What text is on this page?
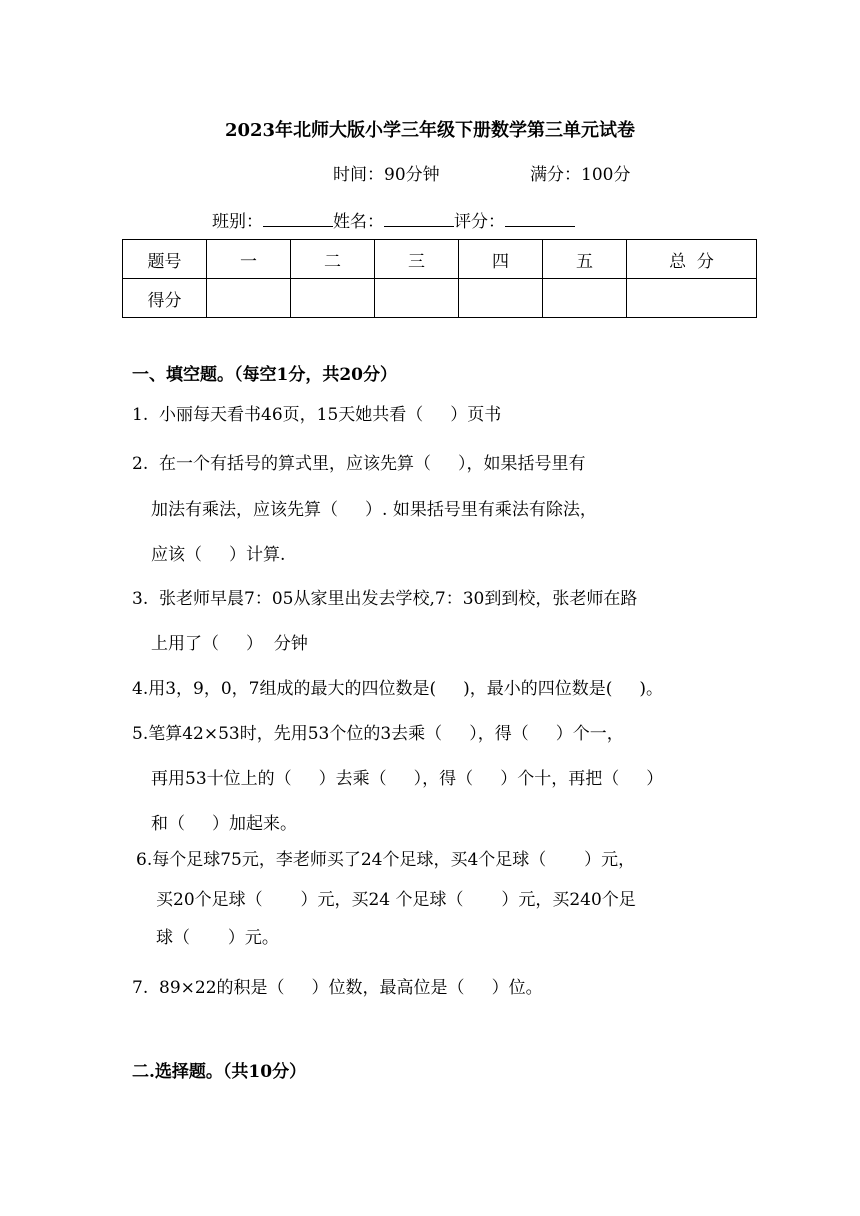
2023年北师大版小学三年级下册数学第三单元试卷
时间：90分钟	满分：100分
班别：	姓名：	评分：
题号	一	二	三	四	五	总  分
得分						
一、填空题。（每空1分，共20分）
1.  小丽每天看书46页，15天她共看（     ）页书
2.  在一个有括号的算式里，应该先算（     ），如果括号里有
加法有乘法，应该先算（     ）. 如果括号里有乘法有除法，
应该（     ）计算.
3.  张老师早晨7：05从家里出发去学校,7：30到到校，张老师在路
上用了（     ）  分钟
4.用3，9，0，7组成的最大的四位数是(     )，最小的四位数是(     )。
5.笔算42×53时，先用53个位的3去乘（     ），得（     ）个一，
再用53十位上的（     ）去乘（     ），得（     ）个十，再把（     ）
和（     ）加起来。
6.每个足球75元，李老师买了24个足球，买4个足球（       ）元，
买20个足球（       ）元，买24 个足球（       ）元，买240个足
球（       ）元。
7.  89×22的积是（     ）位数，最高位是（     ）位。
二.选择题。（共10分）
